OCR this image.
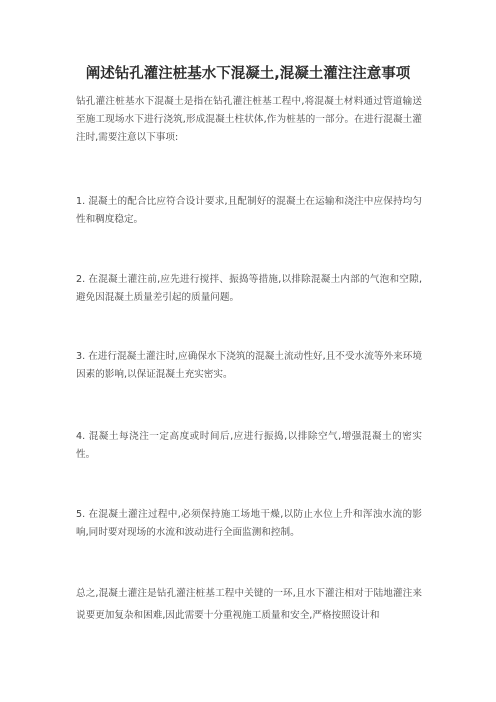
阐述钻孔灌注桩基水下混凝土,混凝土灌注注意事项
钻孔灌注桩基水下混凝土是指在钻孔灌注桩基工程中,将混凝土材料通过管道输送至施工现场水下进行浇筑,形成混凝土柱状体,作为桩基的一部分。在进行混凝土灌注时,需要注意以下事项:
1. 混凝土的配合比应符合设计要求,且配制好的混凝土在运输和浇注中应保持均匀性和稠度稳定。
2. 在混凝土灌注前,应先进行搅拌、振捣等措施,以排除混凝土内部的气泡和空隙,避免因混凝土质量差引起的质量问题。
3. 在进行混凝土灌注时,应确保水下浇筑的混凝土流动性好,且不受水流等外来环境因素的影响,以保证混凝土充实密实。
4. 混凝土每浇注一定高度或时间后,应进行振捣,以排除空气,增强混凝土的密实性。
5. 在混凝土灌注过程中,必须保持施工场地干燥,以防止水位上升和浑浊水流的影响,同时要对现场的水流和波动进行全面监测和控制。
总之,混凝土灌注是钻孔灌注桩基工程中关键的一环,且水下灌注相对于陆地灌注来说要更加复杂和困难,因此需要十分重视施工质量和安全,严格按照设计和
